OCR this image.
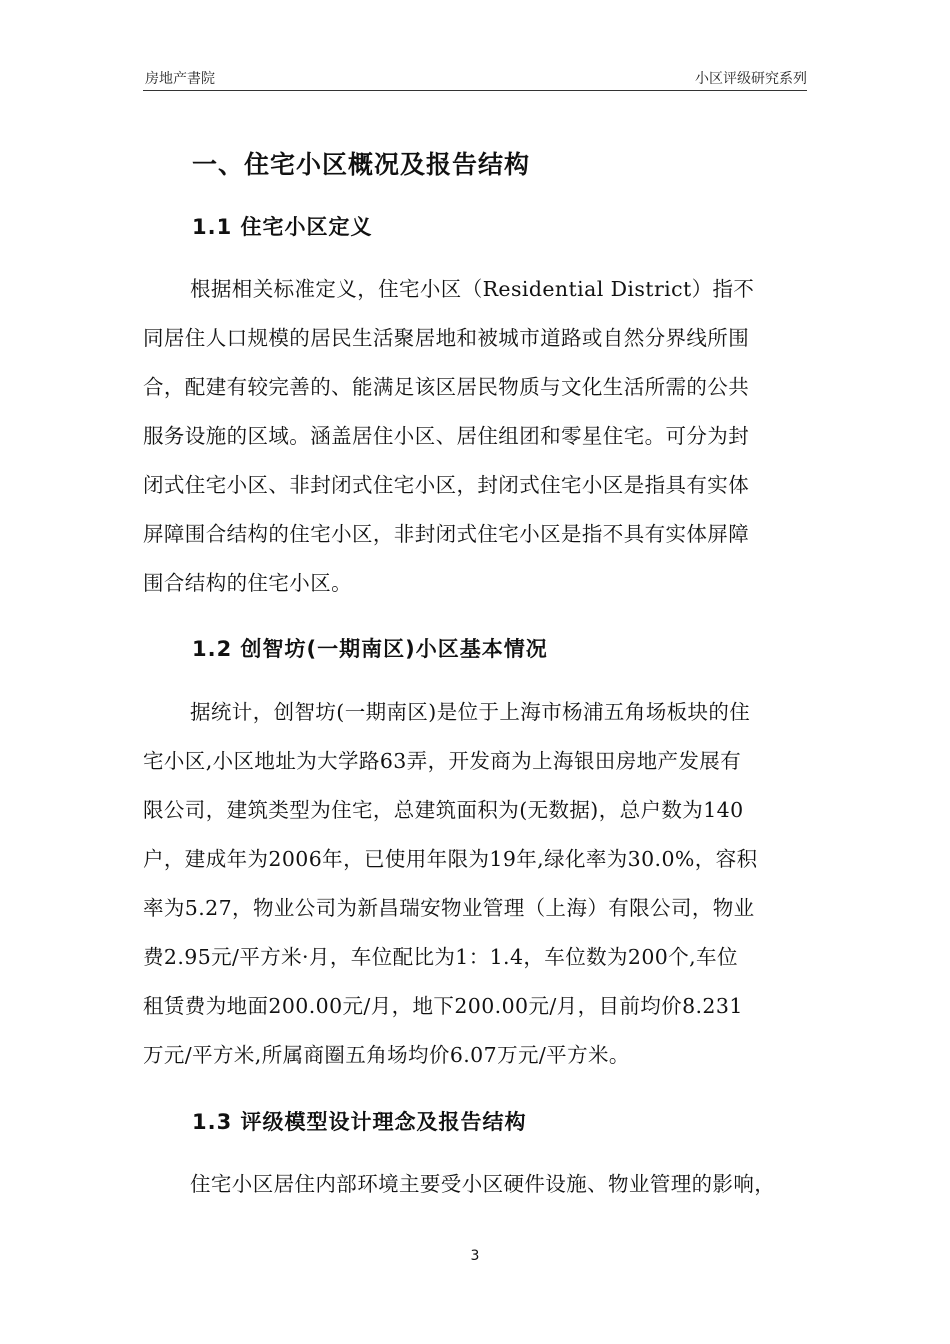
房地产書院	小区评级研究系列
一、住宅小区概况及报告结构
1.1 住宅小区定义
根据相关标准定义，住宅小区（Residential District）指不
同居住人口规模的居民生活聚居地和被城市道路或自然分界线所围
合，配建有较完善的、能满足该区居民物质与文化生活所需的公共
服务设施的区域。涵盖居住小区、居住组团和零星住宅。可分为封
闭式住宅小区、非封闭式住宅小区，封闭式住宅小区是指具有实体
屏障围合结构的住宅小区，非封闭式住宅小区是指不具有实体屏障
围合结构的住宅小区。
1.2 创智坊(一期南区)小区基本情况
据统计，创智坊(一期南区)是位于上海市杨浦五角场板块的住
宅小区,小区地址为大学路63弄，开发商为上海银田房地产发展有
限公司，建筑类型为住宅，总建筑面积为(无数据)，总户数为140
户，建成年为2006年，已使用年限为19年,绿化率为30.0%，容积
率为5.27，物业公司为新昌瑞安物业管理（上海）有限公司，物业
费2.95元/平方米·月，车位配比为1：1.4，车位数为200个,车位
租赁费为地面200.00元/月，地下200.00元/月，目前均价8.231
万元/平方米,所属商圈五角场均价6.07万元/平方米。
1.3 评级模型设计理念及报告结构
住宅小区居住内部环境主要受小区硬件设施、物业管理的影响，
3
